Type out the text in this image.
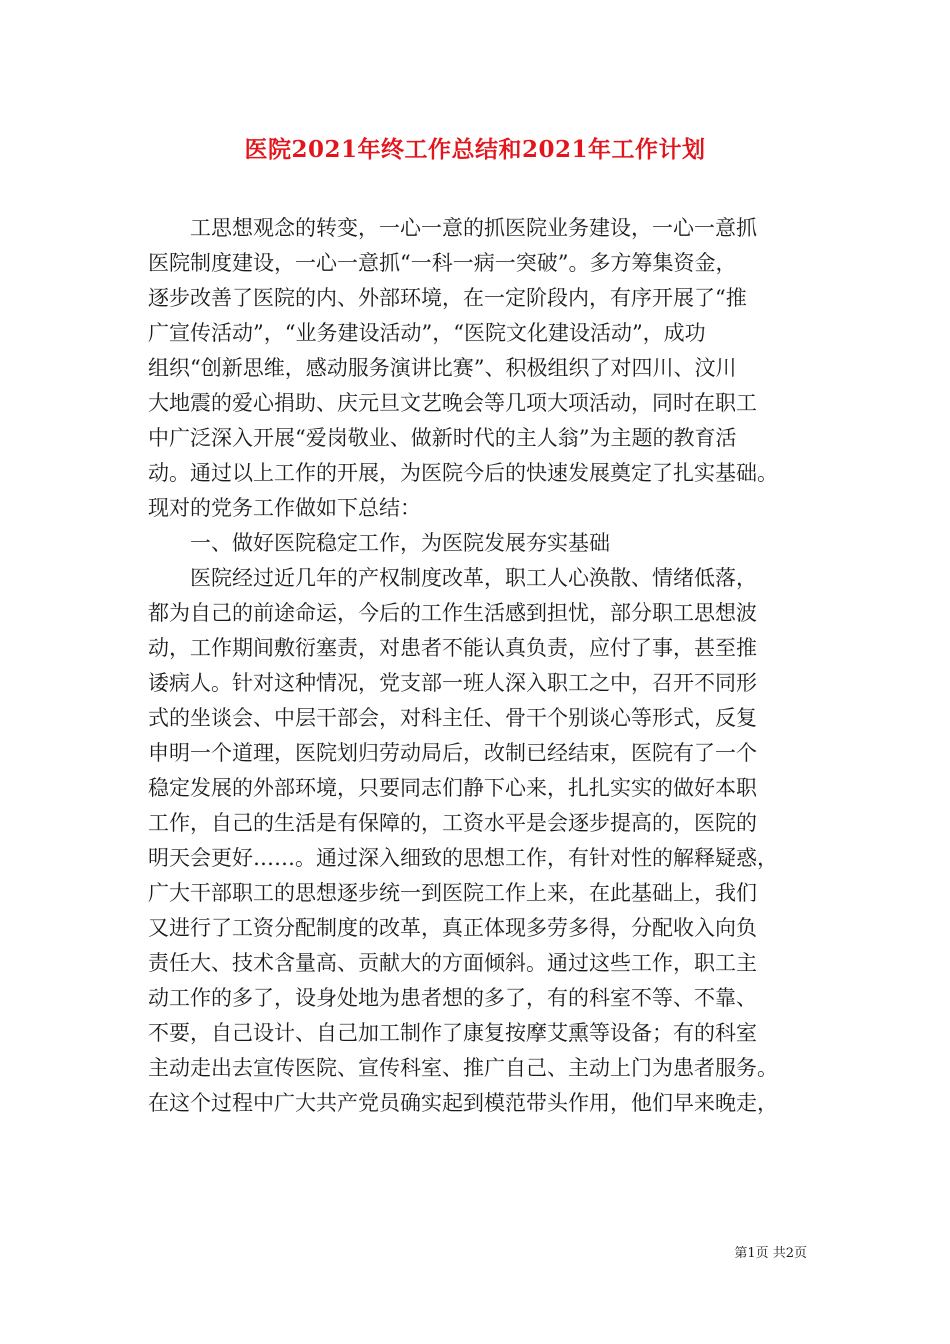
医院2021年终工作总结和2021年工作计划
　　工思想观念的转变，一心一意的抓医院业务建设，一心一意抓
医院制度建设，一心一意抓“一科一病一突破”。多方筹集资金，
逐步改善了医院的内、外部环境，在一定阶段内，有序开展了“推
广宣传活动”，“业务建设活动”，“医院文化建设活动”，成功
组织“创新思维，感动服务演讲比赛”、积极组织了对四川、汶川
大地震的爱心捐助、庆元旦文艺晚会等几项大项活动，同时在职工
中广泛深入开展“爱岗敬业、做新时代的主人翁”为主题的教育活
动。通过以上工作的开展，为医院今后的快速发展奠定了扎实基础。
现对的党务工作做如下总结：
　　一、做好医院稳定工作，为医院发展夯实基础
　　医院经过近几年的产权制度改革，职工人心涣散、情绪低落，
都为自己的前途命运，今后的工作生活感到担忧，部分职工思想波
动，工作期间敷衍塞责，对患者不能认真负责，应付了事，甚至推
诿病人。针对这种情况，党支部一班人深入职工之中，召开不同形
式的坐谈会、中层干部会，对科主任、骨干个别谈心等形式，反复
申明一个道理，医院划归劳动局后，改制已经结束，医院有了一个
稳定发展的外部环境，只要同志们静下心来，扎扎实实的做好本职
工作，自己的生活是有保障的，工资水平是会逐步提高的，医院的
明天会更好……。通过深入细致的思想工作，有针对性的解释疑惑，
广大干部职工的思想逐步统一到医院工作上来，在此基础上，我们
又进行了工资分配制度的改革，真正体现多劳多得，分配收入向负
责任大、技术含量高、贡献大的方面倾斜。通过这些工作，职工主
动工作的多了，设身处地为患者想的多了，有的科室不等、不靠、
不要，自己设计、自己加工制作了康复按摩艾熏等设备；有的科室
主动走出去宣传医院、宣传科室、推广自己、主动上门为患者服务。
在这个过程中广大共产党员确实起到模范带头作用，他们早来晚走，
第1页 共2页
